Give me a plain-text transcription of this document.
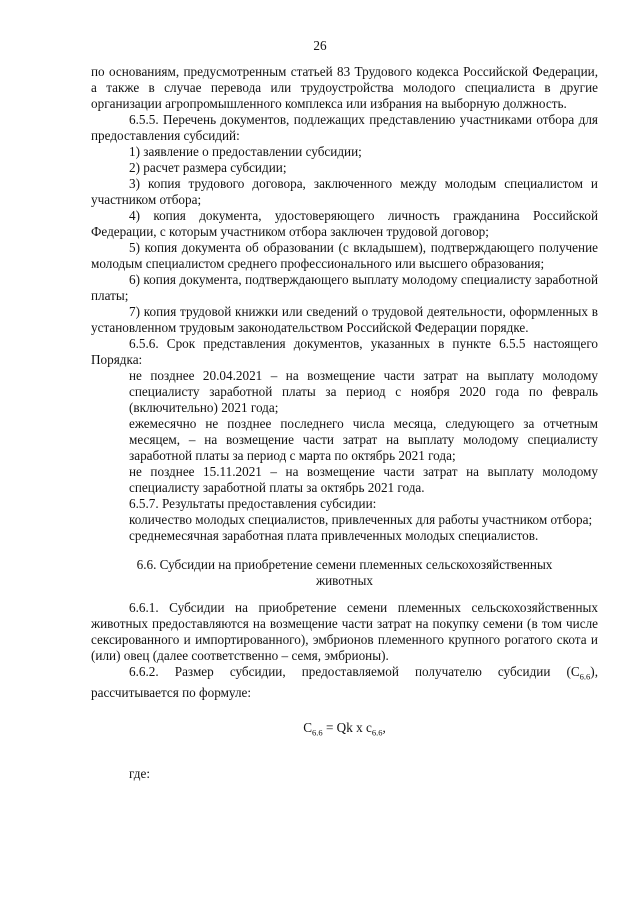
26

по основаниям, предусмотренным статьей 83 Трудового кодекса Российской Федерации, а также в случае перевода или трудоустройства молодого специалиста в другие организации агропромышленного комплекса или избрания на выборную должность.

6.5.5. Перечень документов, подлежащих представлению участниками отбора для предоставления субсидий:

1) заявление о предоставлении субсидии;

2) расчет размера субсидии;

3) копия трудового договора, заключенного между молодым специалистом и участником отбора;

4) копия документа, удостоверяющего личность гражданина Российской Федерации, с которым участником отбора заключен трудовой договор;

5) копия документа об образовании (с вкладышем), подтверждающего получение молодым специалистом среднего профессионального или высшего образования;

6) копия документа, подтверждающего выплату молодому специалисту заработной платы;

7) копия трудовой книжки или сведений о трудовой деятельности, оформленных в установленном трудовым законодательством Российской Федерации порядке.

6.5.6. Срок представления документов, указанных в пункте 6.5.5 настоящего Порядка:

не позднее 20.04.2021 – на возмещение части затрат на выплату молодому специалисту заработной платы за период с ноября 2020 года по февраль (включительно) 2021 года;

ежемесячно не позднее последнего числа месяца, следующего за отчетным месяцем, – на возмещение части затрат на выплату молодому специалисту заработной платы за период с марта по октябрь 2021 года;

не позднее 15.11.2021 – на возмещение части затрат на выплату молодому специалисту заработной платы за октябрь 2021 года.

6.5.7. Результаты предоставления субсидии:

количество молодых специалистов, привлеченных для работы участником отбора;

среднемесячная заработная плата привлеченных молодых специалистов.

6.6. Субсидии на приобретение семени племенных сельскохозяйственных
животных

6.6.1. Субсидии на приобретение семени племенных сельскохозяйственных животных предоставляются на возмещение части затрат на покупку семени (в том числе сексированного и импортированного), эмбрионов племенного крупного рогатого скота и (или) овец (далее соответственно – семя, эмбрионы).

6.6.2. Размер субсидии, предоставляемой получателю субсидии $(С_{6.6})$, рассчитывается по формуле:

$С_{6.6} = Qk$ x $c_{6.6}$,

где:
